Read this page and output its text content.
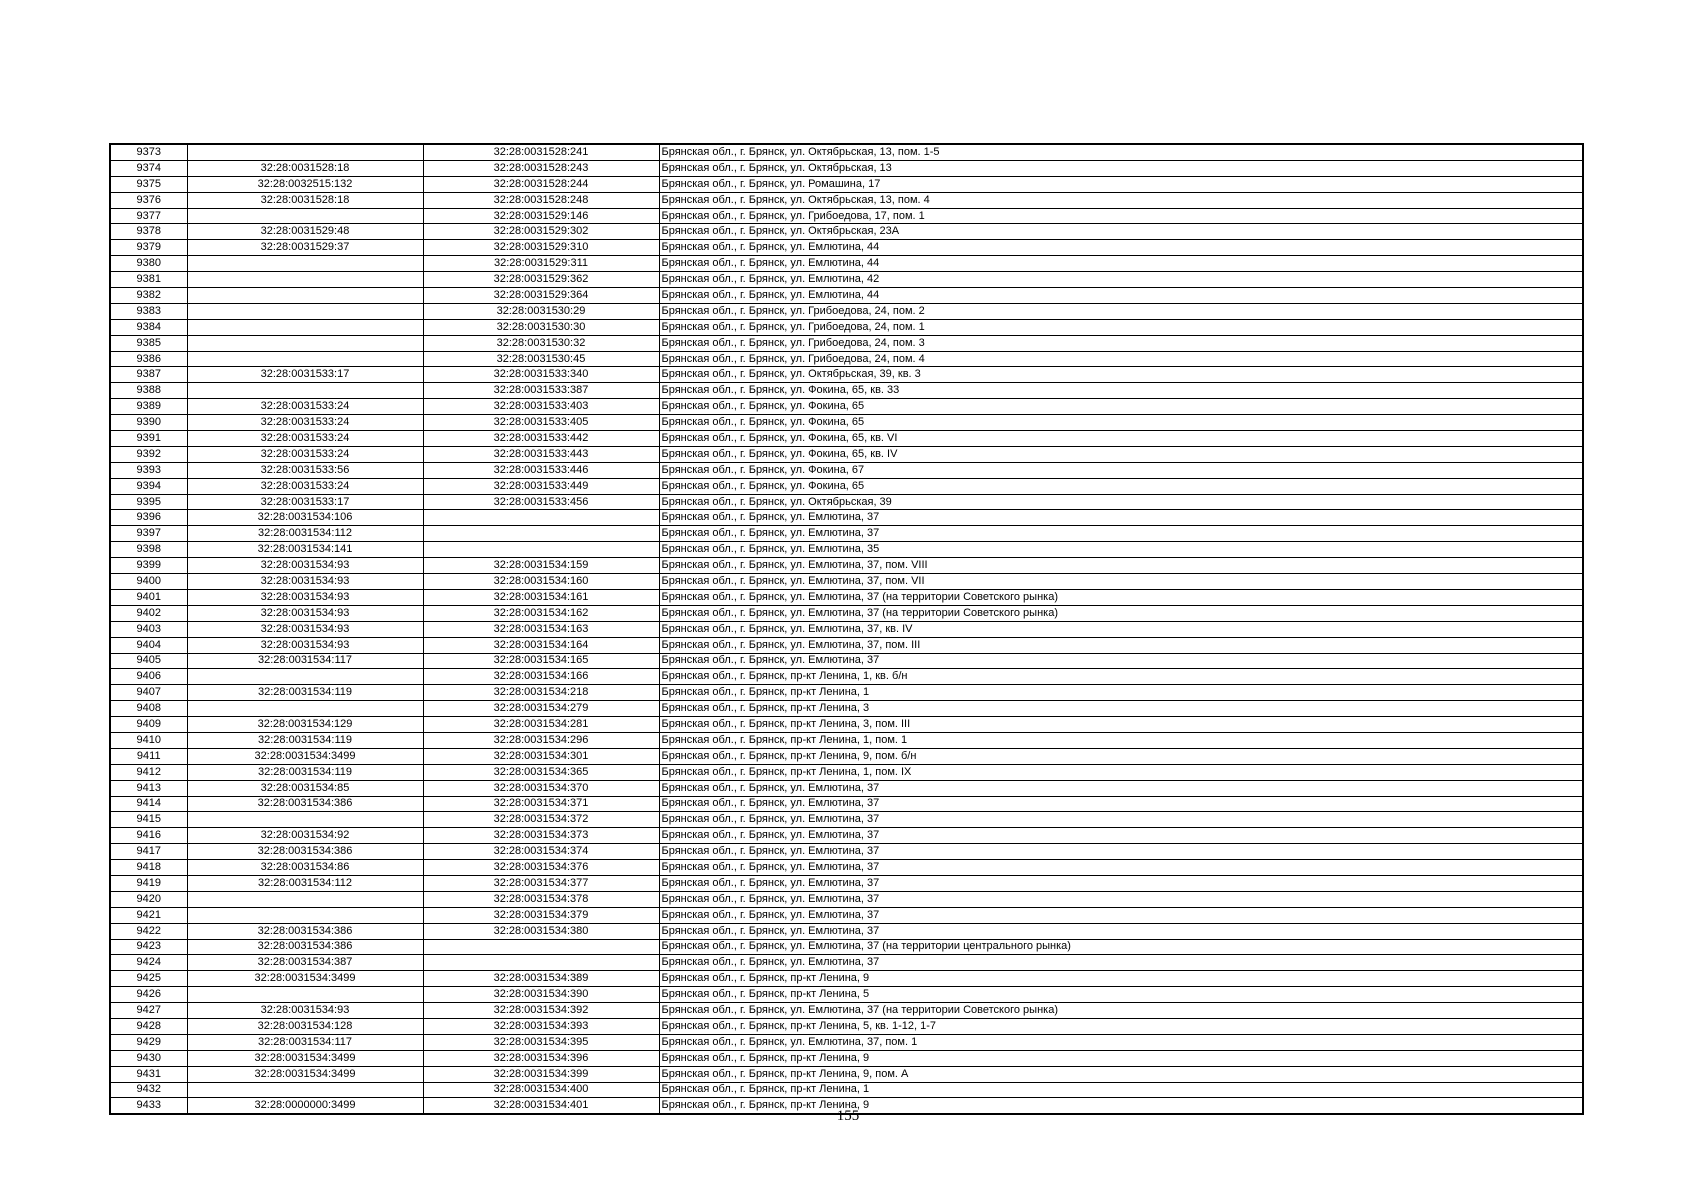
9373		32:28:0031528:241	Брянская обл., г. Брянск, ул. Октябрьская, 13, пом. 1-5
9374	32:28:0031528:18	32:28:0031528:243	Брянская обл., г. Брянск, ул. Октябрьская, 13
9375	32:28:0032515:132	32:28:0031528:244	Брянская обл., г. Брянск, ул. Ромашина, 17
9376	32:28:0031528:18	32:28:0031528:248	Брянская обл., г. Брянск, ул. Октябрьская, 13, пом. 4
9377		32:28:0031529:146	Брянская обл., г. Брянск, ул. Грибоедова, 17, пом. 1
9378	32:28:0031529:48	32:28:0031529:302	Брянская обл., г. Брянск, ул. Октябрьская, 23А
9379	32:28:0031529:37	32:28:0031529:310	Брянская обл., г. Брянск, ул. Емлютина, 44
9380		32:28:0031529:311	Брянская обл., г. Брянск, ул. Емлютина, 44
9381		32:28:0031529:362	Брянская обл., г. Брянск, ул. Емлютина, 42
9382		32:28:0031529:364	Брянская обл., г. Брянск, ул. Емлютина, 44
9383		32:28:0031530:29	Брянская обл., г. Брянск, ул. Грибоедова, 24, пом. 2
9384		32:28:0031530:30	Брянская обл., г. Брянск, ул. Грибоедова, 24, пом. 1
9385		32:28:0031530:32	Брянская обл., г. Брянск, ул. Грибоедова, 24, пом. 3
9386		32:28:0031530:45	Брянская обл., г. Брянск, ул. Грибоедова, 24, пом. 4
9387	32:28:0031533:17	32:28:0031533:340	Брянская обл., г. Брянск, ул. Октябрьская, 39, кв. 3
9388		32:28:0031533:387	Брянская обл., г. Брянск, ул. Фокина, 65, кв. 33
9389	32:28:0031533:24	32:28:0031533:403	Брянская обл., г. Брянск, ул. Фокина, 65
9390	32:28:0031533:24	32:28:0031533:405	Брянская обл., г. Брянск, ул. Фокина, 65
9391	32:28:0031533:24	32:28:0031533:442	Брянская обл., г. Брянск, ул. Фокина, 65, кв. VI
9392	32:28:0031533:24	32:28:0031533:443	Брянская обл., г. Брянск, ул. Фокина, 65, кв. IV
9393	32:28:0031533:56	32:28:0031533:446	Брянская обл., г. Брянск, ул. Фокина, 67
9394	32:28:0031533:24	32:28:0031533:449	Брянская обл., г. Брянск, ул. Фокина, 65
9395	32:28:0031533:17	32:28:0031533:456	Брянская обл., г. Брянск, ул. Октябрьская, 39
9396	32:28:0031534:106		Брянская обл., г. Брянск, ул. Емлютина, 37
9397	32:28:0031534:112		Брянская обл., г. Брянск, ул. Емлютина, 37
9398	32:28:0031534:141		Брянская обл., г. Брянск, ул. Емлютина, 35
9399	32:28:0031534:93	32:28:0031534:159	Брянская обл., г. Брянск, ул. Емлютина, 37, пом. VIII
9400	32:28:0031534:93	32:28:0031534:160	Брянская обл., г. Брянск, ул. Емлютина, 37, пом. VII
9401	32:28:0031534:93	32:28:0031534:161	Брянская обл., г. Брянск, ул. Емлютина, 37 (на территории Советского рынка)
9402	32:28:0031534:93	32:28:0031534:162	Брянская обл., г. Брянск, ул. Емлютина, 37 (на территории Советского рынка)
9403	32:28:0031534:93	32:28:0031534:163	Брянская обл., г. Брянск, ул. Емлютина, 37, кв. IV
9404	32:28:0031534:93	32:28:0031534:164	Брянская обл., г. Брянск, ул. Емлютина, 37, пом. III
9405	32:28:0031534:117	32:28:0031534:165	Брянская обл., г. Брянск, ул. Емлютина, 37
9406		32:28:0031534:166	Брянская обл., г. Брянск, пр-кт Ленина, 1, кв. б/н
9407	32:28:0031534:119	32:28:0031534:218	Брянская обл., г. Брянск, пр-кт Ленина, 1
9408		32:28:0031534:279	Брянская обл., г. Брянск, пр-кт Ленина, 3
9409	32:28:0031534:129	32:28:0031534:281	Брянская обл., г. Брянск, пр-кт Ленина, 3, пом. III
9410	32:28:0031534:119	32:28:0031534:296	Брянская обл., г. Брянск, пр-кт Ленина, 1, пом. 1
9411	32:28:0031534:3499	32:28:0031534:301	Брянская обл., г. Брянск, пр-кт Ленина, 9, пом. б/н
9412	32:28:0031534:119	32:28:0031534:365	Брянская обл., г. Брянск, пр-кт Ленина, 1, пом. IX
9413	32:28:0031534:85	32:28:0031534:370	Брянская обл., г. Брянск, ул. Емлютина, 37
9414	32:28:0031534:386	32:28:0031534:371	Брянская обл., г. Брянск, ул. Емлютина, 37
9415		32:28:0031534:372	Брянская обл., г. Брянск, ул. Емлютина, 37
9416	32:28:0031534:92	32:28:0031534:373	Брянская обл., г. Брянск, ул. Емлютина, 37
9417	32:28:0031534:386	32:28:0031534:374	Брянская обл., г. Брянск, ул. Емлютина, 37
9418	32:28:0031534:86	32:28:0031534:376	Брянская обл., г. Брянск, ул. Емлютина, 37
9419	32:28:0031534:112	32:28:0031534:377	Брянская обл., г. Брянск, ул. Емлютина, 37
9420		32:28:0031534:378	Брянская обл., г. Брянск, ул. Емлютина, 37
9421		32:28:0031534:379	Брянская обл., г. Брянск, ул. Емлютина, 37
9422	32:28:0031534:386	32:28:0031534:380	Брянская обл., г. Брянск, ул. Емлютина, 37
9423	32:28:0031534:386		Брянская обл., г. Брянск, ул. Емлютина, 37 (на территории центрального рынка)
9424	32:28:0031534:387		Брянская обл., г. Брянск, ул. Емлютина, 37
9425	32:28:0031534:3499	32:28:0031534:389	Брянская обл., г. Брянск, пр-кт Ленина, 9
9426		32:28:0031534:390	Брянская обл., г. Брянск, пр-кт Ленина, 5
9427	32:28:0031534:93	32:28:0031534:392	Брянская обл., г. Брянск, ул. Емлютина, 37 (на территории Советского рынка)
9428	32:28:0031534:128	32:28:0031534:393	Брянская обл., г. Брянск, пр-кт Ленина, 5, кв. 1-12, 1-7
9429	32:28:0031534:117	32:28:0031534:395	Брянская обл., г. Брянск, ул. Емлютина, 37, пом. 1
9430	32:28:0031534:3499	32:28:0031534:396	Брянская обл., г. Брянск, пр-кт Ленина, 9
9431	32:28:0031534:3499	32:28:0031534:399	Брянская обл., г. Брянск, пр-кт Ленина, 9, пом. А
9432		32:28:0031534:400	Брянская обл., г. Брянск, пр-кт Ленина, 1
9433	32:28:0000000:3499	32:28:0031534:401	Брянская обл., г. Брянск, пр-кт Ленина, 9
155
